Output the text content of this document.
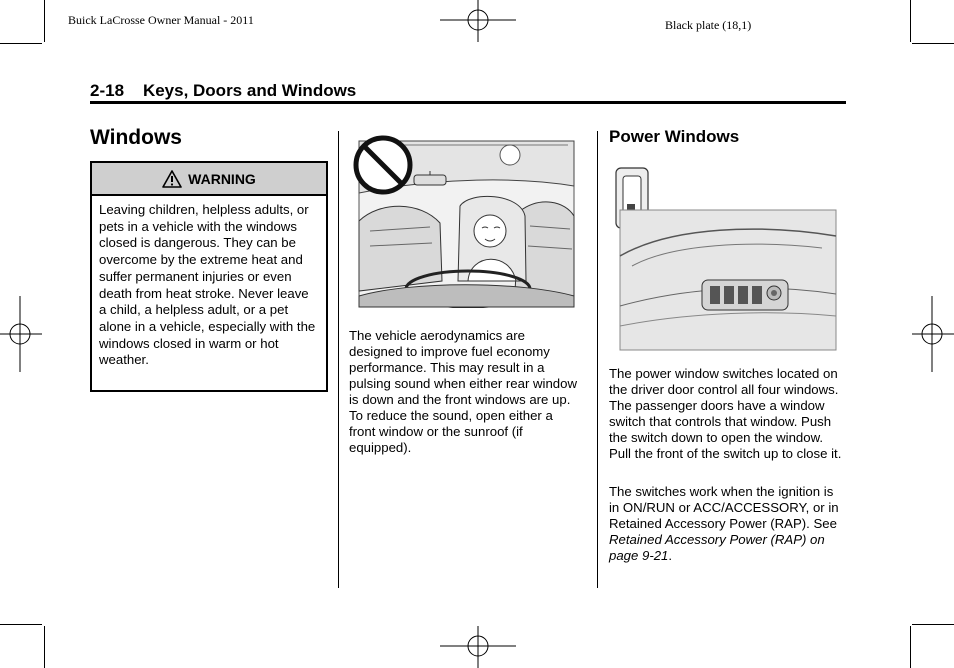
Buick LaCrosse Owner Manual - 2011	Black plate (18,1)
2-18 Keys, Doors and Windows
Windows
WARNING
Leaving children, helpless adults, or pets in a vehicle with the windows closed is dangerous. They can be overcome by the extreme heat and suffer permanent injuries or even death from heat stroke. Never leave a child, a helpless adult, or a pet alone in a vehicle, especially with the windows closed in warm or hot weather.
The vehicle aerodynamics are designed to improve fuel economy performance. This may result in a pulsing sound when either rear window is down and the front windows are up. To reduce the sound, open either a front window or the sunroof (if equipped).
Power Windows
The power window switches located on the driver door control all four windows. The passenger doors have a window switch that controls that window. Push the switch down to open the window. Pull the front of the switch up to close it.
The switches work when the ignition is in ON/RUN or ACC/ACCESSORY, or in Retained Accessory Power (RAP). See Retained Accessory Power (RAP) on page 9-21.
